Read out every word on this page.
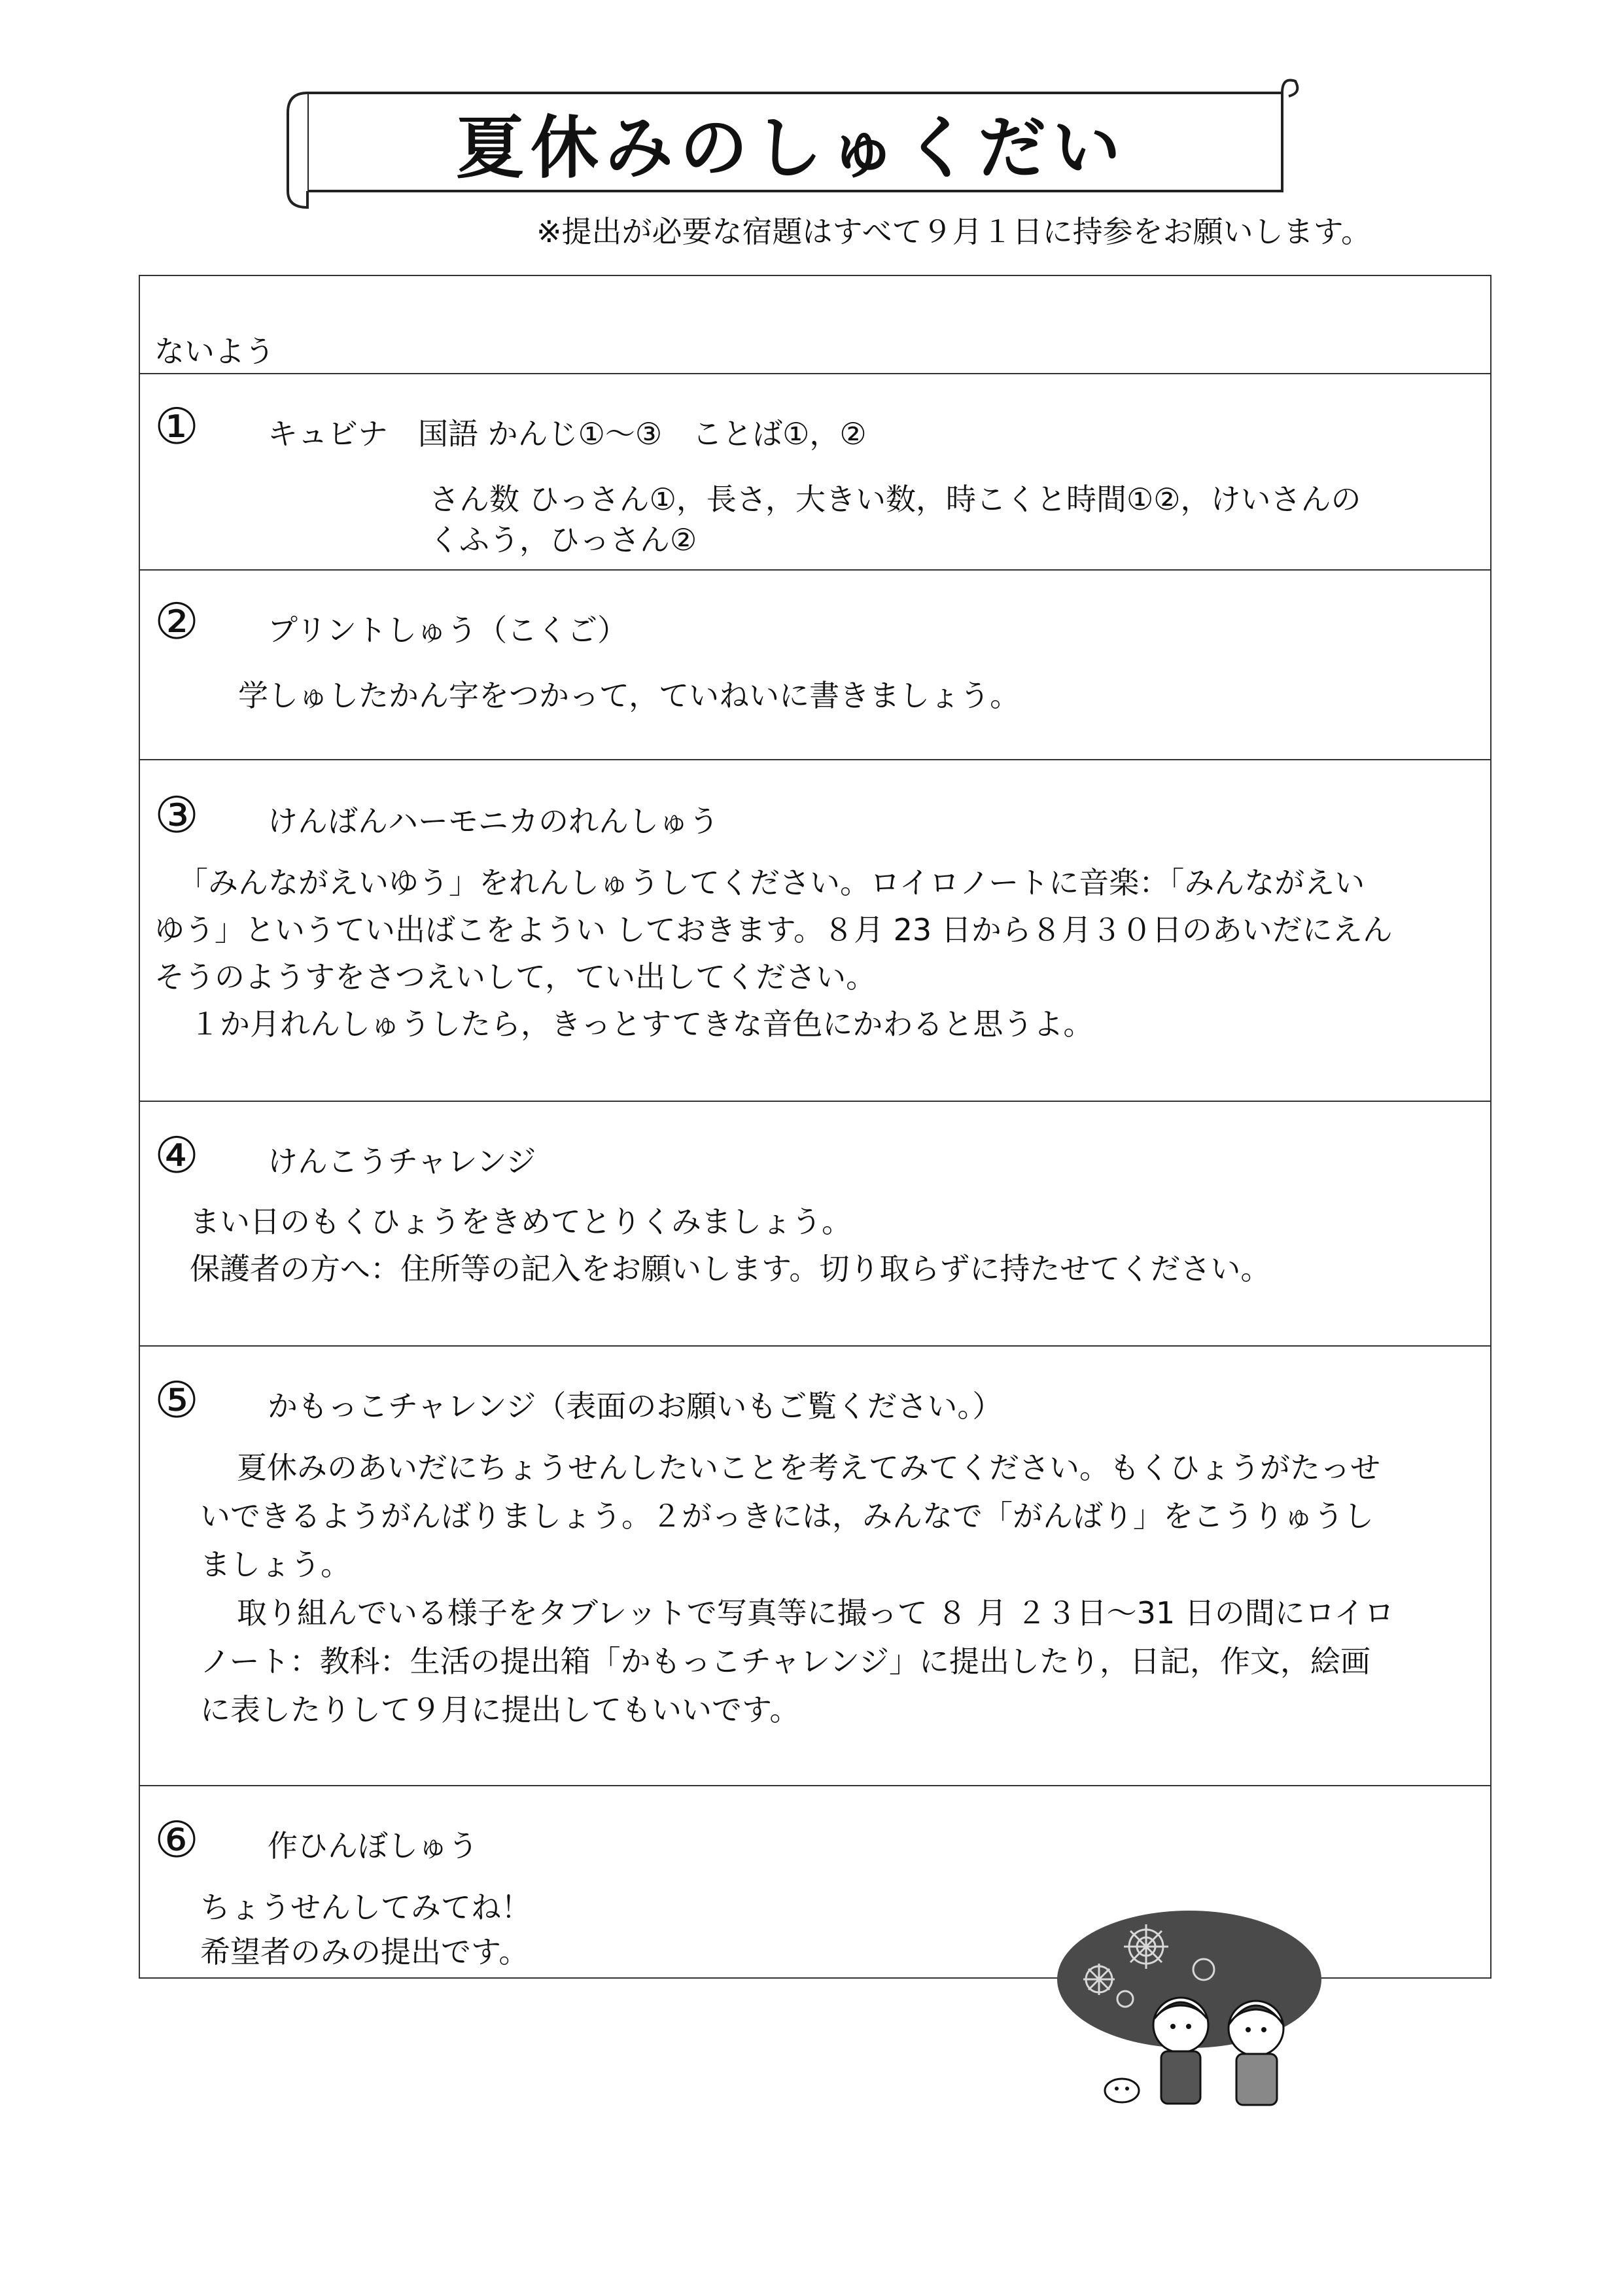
夏休みのしゅくだい
※提出が必要な宿題はすべて９月１日に持参をお願いします。
ないよう
① キュビナ　国語 かんじ①～③　ことば①，②
さん数 ひっさん①，長さ，大きい数，時こくと時間①②，けいさんの
くふう，ひっさん②
② プリントしゅう（こくご）
学しゅしたかん字をつかって，ていねいに書きましょう。
③ けんばんハーモニカのれんしゅう
「みんながえいゆう」をれんしゅうしてください。ロイロノートに音楽：「みんながえい
ゆう」というてい出ばこをようい しておきます。８月 23 日から８月３０日のあいだにえん
そうのようすをさつえいして，てい出してください。
１か月れんしゅうしたら，きっとすてきな音色にかわると思うよ。
④ けんこうチャレンジ
まい日のもくひょうをきめてとりくみましょう。
保護者の方へ：住所等の記入をお願いします。切り取らずに持たせてください。
⑤ かもっこチャレンジ（表面のお願いもご覧ください。）
夏休みのあいだにちょうせんしたいことを考えてみてください。もくひょうがたっせ
いできるようがんばりましょう。２がっきには，みんなで「がんばり」をこうりゅうし
ましょう。
取り組んでいる様子をタブレットで写真等に撮って ８ 月 ２３日～31 日の間にロイロ
ノート：教科：生活の提出箱「かもっこチャレンジ」に提出したり，日記，作文，絵画
に表したりして９月に提出してもいいです。
⑥ 作ひんぼしゅう
ちょうせんしてみてね！
希望者のみの提出です。
